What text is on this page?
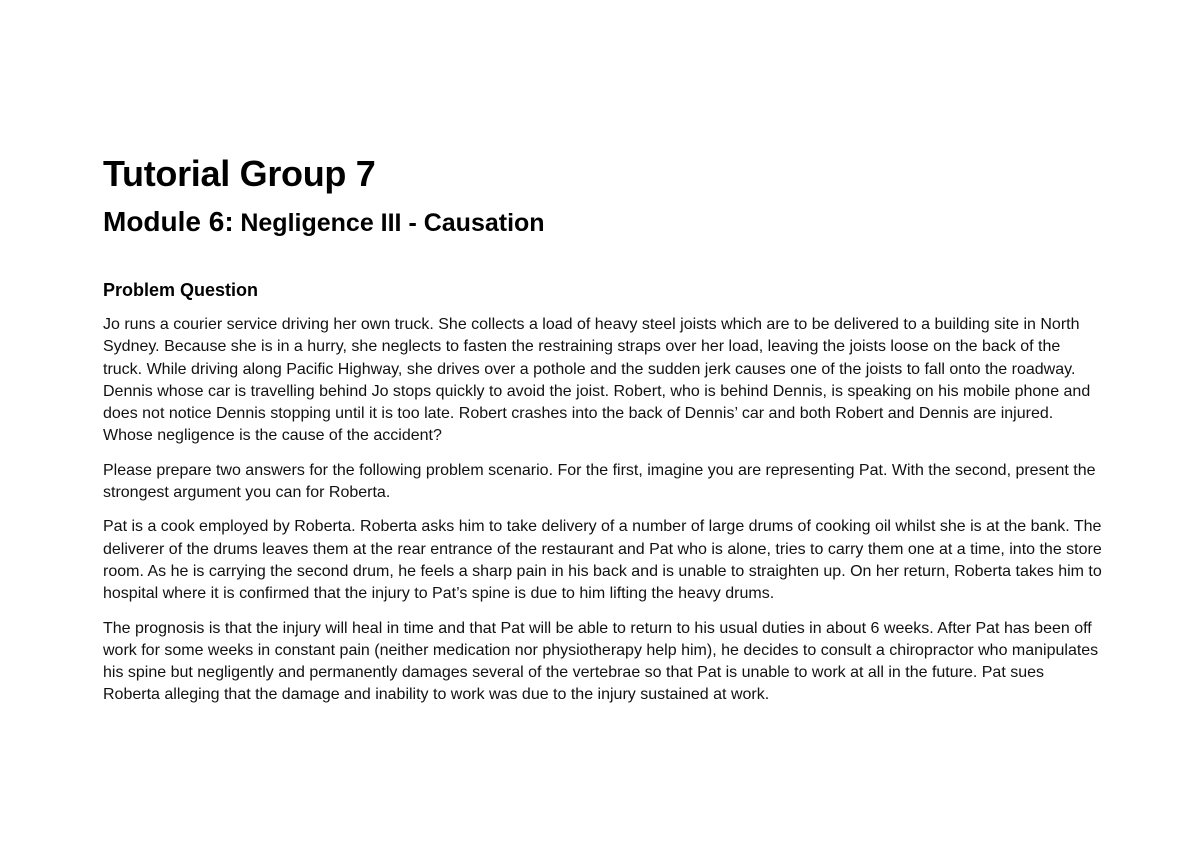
Tutorial Group 7
Module 6: Negligence III - Causation
Problem Question

Jo runs a courier service driving her own truck. She collects a load of heavy steel joists which are to be delivered to a building site in North Sydney. Because she is in a hurry, she neglects to fasten the restraining straps over her load, leaving the joists loose on the back of the truck. While driving along Pacific Highway, she drives over a pothole and the sudden jerk causes one of the joists to fall onto the roadway. Dennis whose car is travelling behind Jo stops quickly to avoid the joist. Robert, who is behind Dennis, is speaking on his mobile phone and does not notice Dennis stopping until it is too late. Robert crashes into the back of Dennis’ car and both Robert and Dennis are injured. Whose negligence is the cause of the accident?

Please prepare two answers for the following problem scenario. For the first, imagine you are representing Pat. With the second, present the strongest argument you can for Roberta.

Pat is a cook employed by Roberta. Roberta asks him to take delivery of a number of large drums of cooking oil whilst she is at the bank. The deliverer of the drums leaves them at the rear entrance of the restaurant and Pat who is alone, tries to carry them one at a time, into the store room. As he is carrying the second drum, he feels a sharp pain in his back and is unable to straighten up. On her return, Roberta takes him to hospital where it is confirmed that the injury to Pat’s spine is due to him lifting the heavy drums.

The prognosis is that the injury will heal in time and that Pat will be able to return to his usual duties in about 6 weeks. After Pat has been off work for some weeks in constant pain (neither medication nor physiotherapy help him), he decides to consult a chiropractor who manipulates his spine but negligently and permanently damages several of the vertebrae so that Pat is unable to work at all in the future. Pat sues Roberta alleging that the damage and inability to work was due to the injury sustained at work.
